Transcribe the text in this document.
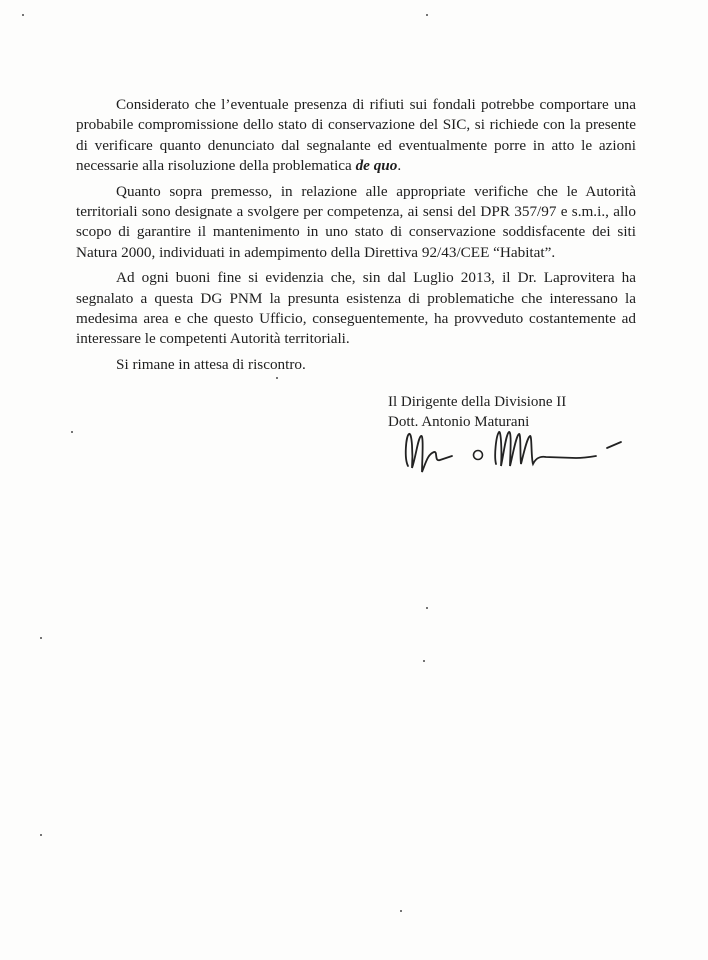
Considerato che l’eventuale presenza di rifiuti sui fondali potrebbe comportare una probabile compromissione dello stato di conservazione del SIC, si richiede con la presente di verificare quanto denunciato dal segnalante ed eventualmente porre in atto le azioni necessarie alla risoluzione della problematica de quo.

Quanto sopra premesso, in relazione alle appropriate verifiche che le Autorità territoriali sono designate a svolgere per competenza, ai sensi del DPR 357/97 e s.m.i., allo scopo di garantire il mantenimento in uno stato di conservazione soddisfacente dei siti Natura 2000, individuati in adempimento della Direttiva 92/43/CEE “Habitat”.

Ad ogni buoni fine si evidenzia che, sin dal Luglio 2013, il Dr. Laprovitera ha segnalato a questa DG PNM la presunta esistenza di problematiche che interessano la medesima area e che questo Ufficio, conseguentemente, ha provveduto costantemente ad interessare le competenti Autorità territoriali.

Si rimane in attesa di riscontro.

Il Dirigente della Divisione II
Dott. Antonio Maturani
